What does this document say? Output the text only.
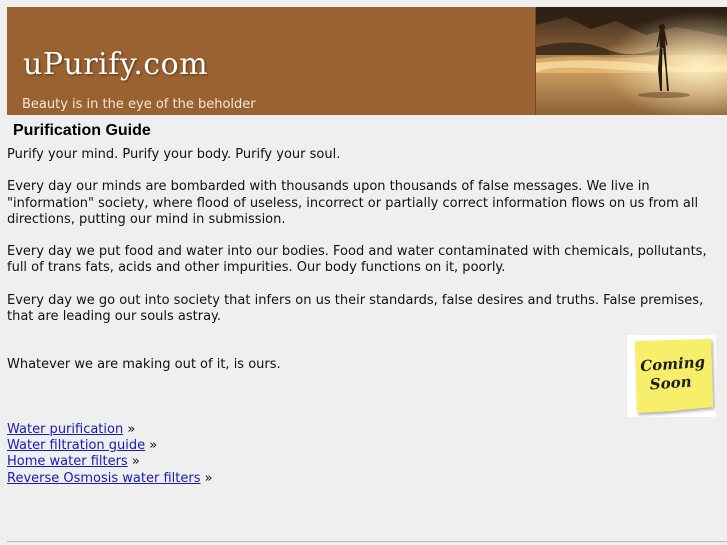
uPurify.com
Beauty is in the eye of the beholder
Purification Guide

Purify your mind. Purify your body. Purify your soul.

Every day our minds are bombarded with thousands upon thousands of false messages. We live in "information" society, where flood of useless, incorrect or partially correct information flows on us from all directions, putting our mind in submission.

Every day we put food and water into our bodies. Food and water contaminated with chemicals, pollutants, full of trans fats, acids and other impurities. Our body functions on it, poorly.

Every day we go out into society that infers on us their standards, false desires and truths. False premises, that are leading our souls astray.

Whatever we are making out of it, is ours.	Coming
Soon
Water purification »
Water filtration guide »
Home water filters »
Reverse Osmosis water filters »
